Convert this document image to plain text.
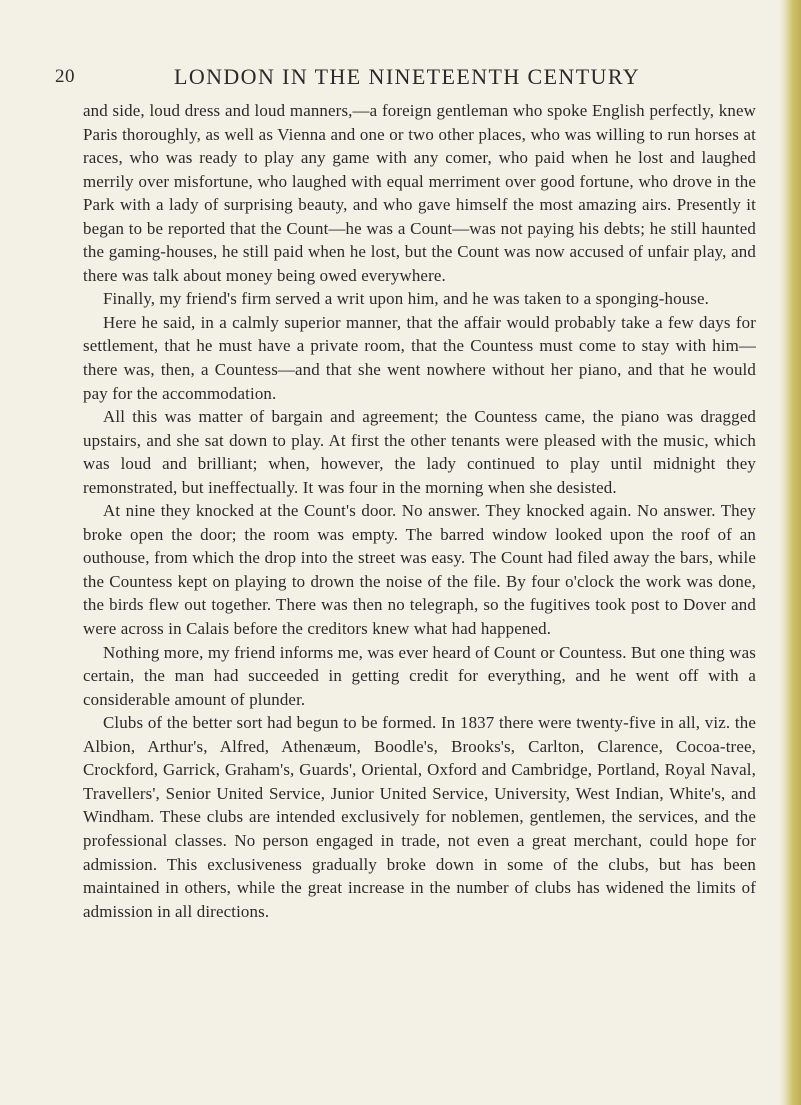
20	LONDON IN THE NINETEENTH CENTURY

and side, loud dress and loud manners,—a foreign gentleman who spoke English perfectly, knew Paris thoroughly, as well as Vienna and one or two other places, who was willing to run horses at races, who was ready to play any game with any comer, who paid when he lost and laughed merrily over misfortune, who laughed with equal merriment over good fortune, who drove in the Park with a lady of surprising beauty, and who gave himself the most amazing airs. Presently it began to be reported that the Count—he was a Count—was not paying his debts; he still haunted the gaming-houses, he still paid when he lost, but the Count was now accused of unfair play, and there was talk about money being owed everywhere.

Finally, my friend's firm served a writ upon him, and he was taken to a sponging-house.

Here he said, in a calmly superior manner, that the affair would probably take a few days for settlement, that he must have a private room, that the Countess must come to stay with him—there was, then, a Countess—and that she went nowhere without her piano, and that he would pay for the accommodation.

All this was matter of bargain and agreement; the Countess came, the piano was dragged upstairs, and she sat down to play. At first the other tenants were pleased with the music, which was loud and brilliant; when, however, the lady continued to play until midnight they remonstrated, but ineffectually. It was four in the morning when she desisted.

At nine they knocked at the Count's door. No answer. They knocked again. No answer. They broke open the door; the room was empty. The barred window looked upon the roof of an outhouse, from which the drop into the street was easy. The Count had filed away the bars, while the Countess kept on playing to drown the noise of the file. By four o'clock the work was done, the birds flew out together. There was then no telegraph, so the fugitives took post to Dover and were across in Calais before the creditors knew what had happened.

Nothing more, my friend informs me, was ever heard of Count or Countess. But one thing was certain, the man had succeeded in getting credit for everything, and he went off with a considerable amount of plunder.

Clubs of the better sort had begun to be formed. In 1837 there were twenty-five in all, viz. the Albion, Arthur's, Alfred, Athenæum, Boodle's, Brooks's, Carlton, Clarence, Cocoa-tree, Crockford, Garrick, Graham's, Guards', Oriental, Oxford and Cambridge, Portland, Royal Naval, Travellers', Senior United Service, Junior United Service, University, West Indian, White's, and Windham. These clubs are intended exclusively for noblemen, gentlemen, the services, and the professional classes. No person engaged in trade, not even a great merchant, could hope for admission. This exclusiveness gradually broke down in some of the clubs, but has been maintained in others, while the great increase in the number of clubs has widened the limits of admission in all directions.
